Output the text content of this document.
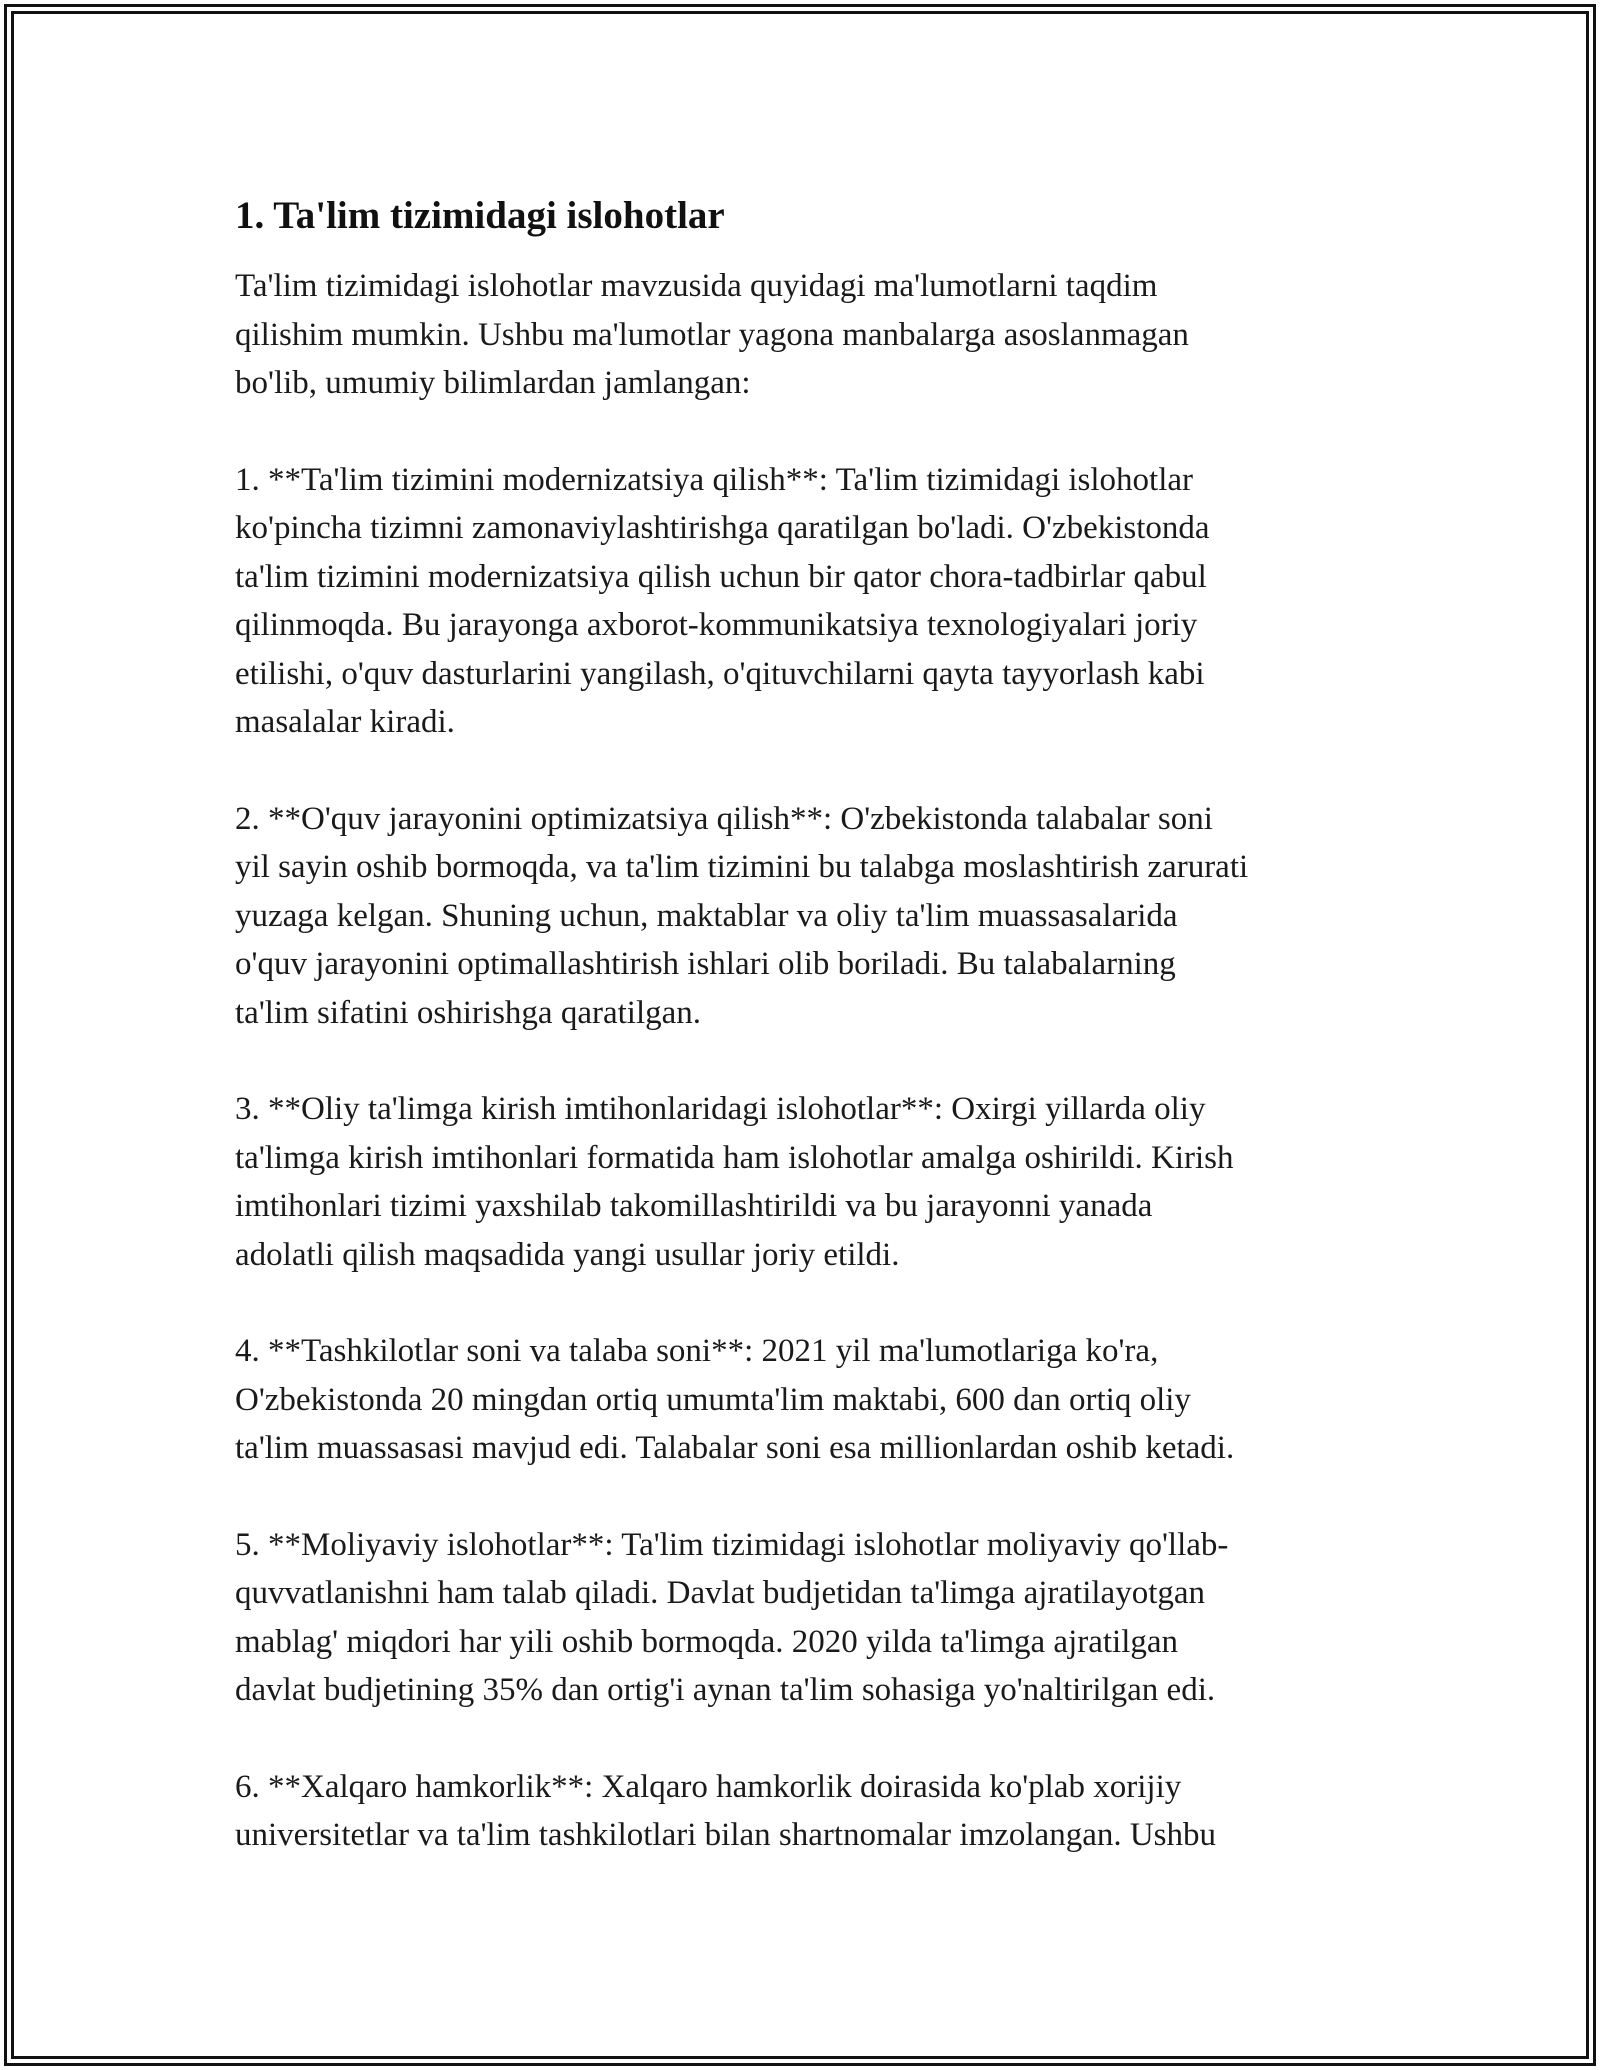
1. Ta'lim tizimidagi islohotlar

Ta'lim tizimidagi islohotlar mavzusida quyidagi ma'lumotlarni taqdim
qilishim mumkin. Ushbu ma'lumotlar yagona manbalarga asoslanmagan
bo'lib, umumiy bilimlardan jamlangan:

1. **Ta'lim tizimini modernizatsiya qilish**: Ta'lim tizimidagi islohotlar
ko'pincha tizimni zamonaviylashtirishga qaratilgan bo'ladi. O'zbekistonda
ta'lim tizimini modernizatsiya qilish uchun bir qator chora-tadbirlar qabul
qilinmoqda. Bu jarayonga axborot-kommunikatsiya texnologiyalari joriy
etilishi, o'quv dasturlarini yangilash, o'qituvchilarni qayta tayyorlash kabi
masalalar kiradi.

2. **O'quv jarayonini optimizatsiya qilish**: O'zbekistonda talabalar soni
yil sayin oshib bormoqda, va ta'lim tizimini bu talabga moslashtirish zarurati
yuzaga kelgan. Shuning uchun, maktablar va oliy ta'lim muassasalarida
o'quv jarayonini optimallashtirish ishlari olib boriladi. Bu talabalarning
ta'lim sifatini oshirishga qaratilgan.

3. **Oliy ta'limga kirish imtihonlaridagi islohotlar**: Oxirgi yillarda oliy
ta'limga kirish imtihonlari formatida ham islohotlar amalga oshirildi. Kirish
imtihonlari tizimi yaxshilab takomillashtirildi va bu jarayonni yanada
adolatli qilish maqsadida yangi usullar joriy etildi.

4. **Tashkilotlar soni va talaba soni**: 2021 yil ma'lumotlariga ko'ra,
O'zbekistonda 20 mingdan ortiq umumta'lim maktabi, 600 dan ortiq oliy
ta'lim muassasasi mavjud edi. Talabalar soni esa millionlardan oshib ketadi.

5. **Moliyaviy islohotlar**: Ta'lim tizimidagi islohotlar moliyaviy qo'llab-
quvvatlanishni ham talab qiladi. Davlat budjetidan ta'limga ajratilayotgan
mablag' miqdori har yili oshib bormoqda. 2020 yilda ta'limga ajratilgan
davlat budjetining 35% dan ortig'i aynan ta'lim sohasiga yo'naltirilgan edi.

6. **Xalqaro hamkorlik**: Xalqaro hamkorlik doirasida ko'plab xorijiy
universitetlar va ta'lim tashkilotlari bilan shartnomalar imzolangan. Ushbu
